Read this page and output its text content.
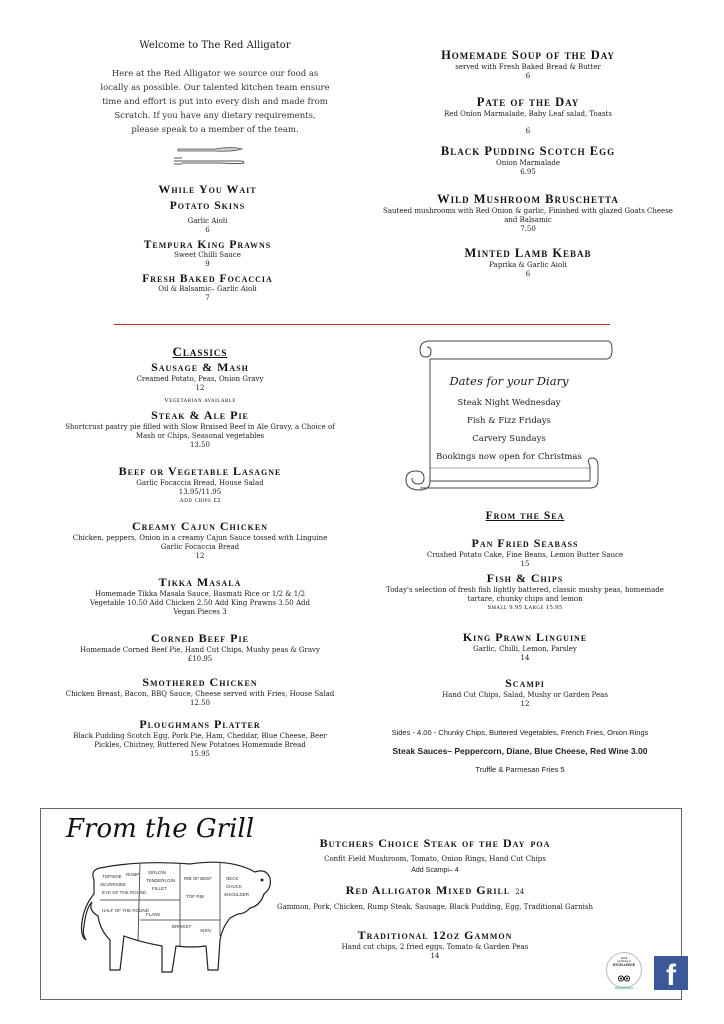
Welcome to The Red Alligator
Here at the Red Alligator we source our food as locally as possible. Our talented kitchen team ensure time and effort is put into every dish and made from Scratch. If you have any dietary requirements, please speak to a member of the team.
While You Wait
Potato Skins
Garlic Aioli
6
Tempura King Prawns
Sweet Chilli Sauce
9
Fresh Baked Focaccia
Oil & Balsamic– Garlic Aioli
7
Homemade Soup of the Day
served with Fresh Baked Bread & Butter
6
Pate of the Day
Red Onion Marmalade, Baby Leaf salad, Toasts
6
Black Pudding Scotch Egg
Onion Marmalade
6.95
Wild Mushroom Bruschetta
Sauteed mushrooms with Red Onion & garlic, Finished with glazed Goats Cheese and Balsamic
7.50
Minted Lamb Kebab
Paprika & Garlic Aioli
6
Classics
Sausage & Mash
Creamed Potato, Peas, Onion Gravy
12
Vegetarian available
Steak & Ale Pie
Shortcrust pastry pie filled with Slow Braised Beef in Ale Gravy, a Choice of Mash or Chips, Seasonal vegetables
13.50
Beef or Vegetable Lasagne
Garlic Focaccia Bread, House Salad
13.95/11.95
Add chips £2
Creamy Cajun Chicken
Chicken, peppers, Onion in a creamy Cajun Sauce tossed with Linguine Garlic Focaccia Bread
12
Tikka Masala
Homemade Tikka Masala Sauce, Basmati Rice or 1/2 & 1/2 Vegetable 10.50 Add Chicken 2.50 Add King Prawns 3.50 Add Vegan Pieces 3
Corned Beef Pie
Homemade Corned Beef Pie, Hand Cut Chips, Mushy peas & Gravy
£10.95
Smothered Chicken
Chicken Breast, Bacon, BBQ Sauce, Cheese served with Fries, House Salad
12.50
Ploughmans Platter
Black Pudding Scotch Egg, Pork Pie, Ham, Cheddar, Blue Cheese, Beer Pickles, Chutney, Buttered New Potatoes Homemade Bread
15.95
Dates for your Diary
Steak Night Wednesday
Fish & Fizz Fridays
Carvery Sundays
Bookings now open for Christmas
From the Sea
Pan Fried Seabass
Crushed Potato Cake, Fine Beans, Lemon Butter Sauce
15
Fish & Chips
Today's selection of fresh fish lightly battered, classic mushy peas, homemade tartare, chunky chips and lemon
Small 9.95 Large 15.95
King Prawn Linguine
Garlic, Chilli, Lemon, Parsley
14
Scampi
Hand Cut Chips, Salad, Mushy or Garden Peas
12
Sides - 4.00 - Chunky Chips, Buttered Vegetables, French Fries, Onion Rings
Steak Sauces– Peppercorn, Diane, Blue Cheese, Red Wine 3.00
Truffle & Parmesan Fries 5
From the Grill
TOPSIDE
SILVERSIDE
EYE OF THE ROUND
RUMP SIRLOIN
TENDERLOIN
FILLET
RIB OF BEEF	NECK
CHUCK
SHOULDER
TOP RIB
HALF OF THE ROUND
FLANK
BRISKET
SHIN
Butchers Choice Steak of the Day POA
Confit Field Mushroom, Tomato, Onion Rings, Hand Cut Chips
Add Scampi– 4
Red Alligator Mixed Grill 24
Gammon, Pork, Chicken, Rump Steak, Sausage, Black Pudding, Egg, Traditional Garnish
Traditional 12oz Gammon
Hand cut chips, 2 fried eggs, Tomato & Garden Peas
14	2018
Certificate of
EXCELLENCE
tripadvisor	f
